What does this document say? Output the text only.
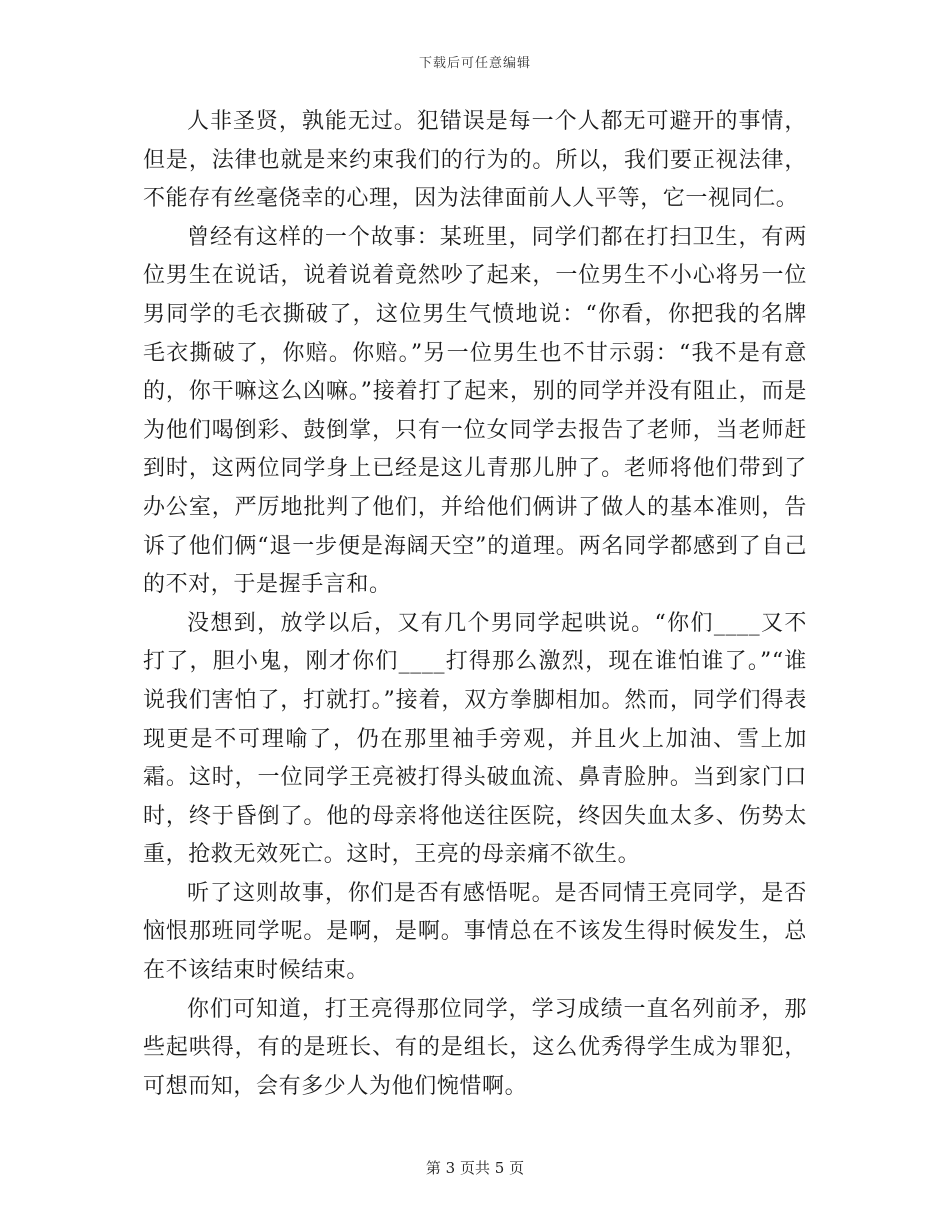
下载后可任意编辑

人非圣贤，孰能无过。犯错误是每一个人都无可避开的事情，但是，法律也就是来约束我们的行为的。所以，我们要正视法律，不能存有丝毫侥幸的心理，因为法律面前人人平等，它一视同仁。

曾经有这样的一个故事：某班里，同学们都在打扫卫生，有两位男生在说话，说着说着竟然吵了起来，一位男生不小心将另一位男同学的毛衣撕破了，这位男生气愤地说：“你看，你把我的名牌毛衣撕破了，你赔。你赔。”另一位男生也不甘示弱：“我不是有意的，你干嘛这么凶嘛。”接着打了起来，别的同学并没有阻止，而是为他们喝倒彩、鼓倒掌，只有一位女同学去报告了老师，当老师赶到时，这两位同学身上已经是这儿青那儿肿了。老师将他们带到了办公室，严厉地批判了他们，并给他们俩讲了做人的基本准则，告诉了他们俩“退一步便是海阔天空”的道理。两名同学都感到了自己的不对，于是握手言和。

没想到，放学以后，又有几个男同学起哄说。“你们____又不打了，胆小鬼，刚才你们____打得那么激烈，现在谁怕谁了。”“谁说我们害怕了，打就打。”接着，双方拳脚相加。然而，同学们得表现更是不可理喻了，仍在那里袖手旁观，并且火上加油、雪上加霜。这时，一位同学王亮被打得头破血流、鼻青脸肿。当到家门口时，终于昏倒了。他的母亲将他送往医院，终因失血太多、伤势太重，抢救无效死亡。这时，王亮的母亲痛不欲生。

听了这则故事，你们是否有感悟呢。是否同情王亮同学，是否恼恨那班同学呢。是啊，是啊。事情总在不该发生得时候发生，总在不该结束时候结束。

你们可知道，打王亮得那位同学，学习成绩一直名列前矛，那些起哄得，有的是班长、有的是组长，这么优秀得学生成为罪犯，可想而知，会有多少人为他们惋惜啊。

第 3 页共 5 页
